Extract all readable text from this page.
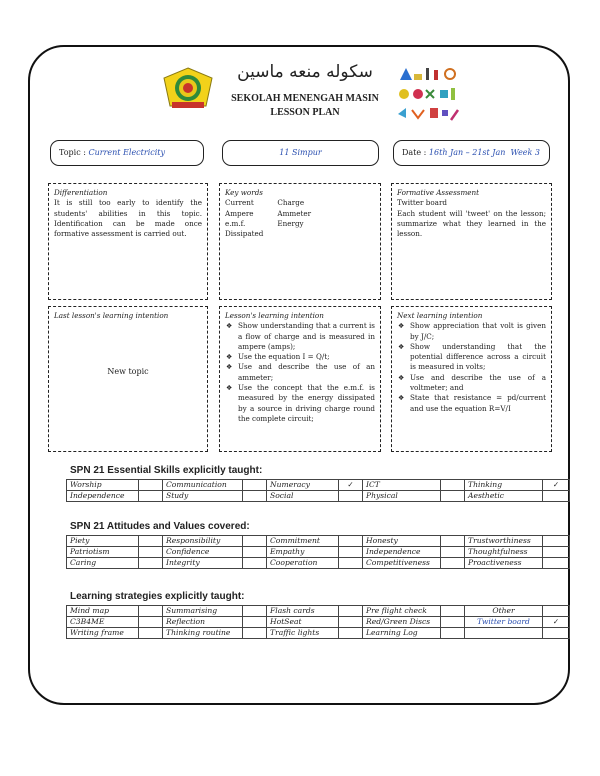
سكوله منعه ماسين
SEKOLAH MENENGAH MASIN
LESSON PLAN
Topic : Current Electricity	11 Simpur	Date : 16th Jan – 21st Jan Week 3
Differentiation
It is still too early to identify the students' abilities in this topic. Identification can be made once formative assessment is carried out.
Key words
Current	Charge
Ampere	Ammeter
e.m.f.	Energy
Dissipated	
Formative Assessment
Twitter board
Each student will 'tweet' on the lesson; summarize what they learned in the lesson.
Last lesson's learning intention
New topic
Lesson's learning intention
❖ Show understanding that a current is a flow of charge and is measured in ampere (amps);
❖ Use the equation I = Q/t;
❖ Use and describe the use of an ammeter;
❖ Use the concept that the e.m.f. is measured by the energy dissipated by a source in driving charge round the complete circuit;
Next learning intention
❖ Show appreciation that volt is given by J/C;
❖ Show understanding that the potential difference across a circuit is measured in volts;
❖ Use and describe the use of a voltmeter; and
❖ State that resistance = pd/current and use the equation R=V/I
SPN 21 Essential Skills explicitly taught:
Worship		Communication		Numeracy	✓	ICT		Thinking	✓
Independence		Study		Social		Physical		Aesthetic	
SPN 21 Attitudes and Values covered:
Piety		Responsibility		Commitment		Honesty		Trustworthiness	
Patriotism		Confidence		Empathy		Independence		Thoughtfulness	
Caring		Integrity		Cooperation		Competitiveness		Proactiveness	
Learning strategies explicitly taught:
Mind map		Summarising		Flash cards		Pre flight check		Other	
C3B4ME		Reflection		HotSeat		Red/Green Discs		Twitter board	✓
Writing frame		Thinking routine		Traffic lights		Learning Log			
